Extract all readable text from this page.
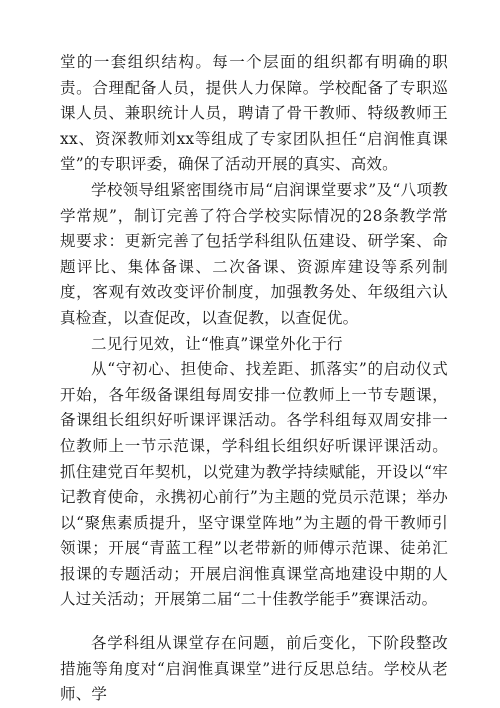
堂的一套组织结构。每一个层面的组织都有明确的职责。合理配备人员，提供人力保障。学校配备了专职巡课人员、兼职统计人员，聘请了骨干教师、特级教师王xx、资深教师刘xx等组成了专家团队担任“启润惟真课堂”的专职评委，确保了活动开展的真实、高效。

学校领导组紧密围绕市局“启润课堂要求”及“八项教学常规”，制订完善了符合学校实际情况的28条教学常规要求：更新完善了包括学科组队伍建设、研学案、命题评比、集体备课、二次备课、资源库建设等系列制度，客观有效改变评价制度，加强教务处、年级组六认真检查，以查促改，以查促教，以查促优。

二见行见效，让“惟真”课堂外化于行

从“守初心、担使命、找差距、抓落实”的启动仪式开始，各年级备课组每周安排一位教师上一节专题课，备课组长组织好听课评课活动。各学科组每双周安排一位教师上一节示范课，学科组长组织好听课评课活动。抓住建党百年契机，以党建为教学持续赋能，开设以“牢记教育使命，永携初心前行”为主题的党员示范课；举办以“聚焦素质提升，坚守课堂阵地”为主题的骨干教师引领课；开展“青蓝工程”以老带新的师傅示范课、徒弟汇报课的专题活动；开展启润惟真课堂高地建设中期的人人过关活动；开展第二届“二十佳教学能手”赛课活动。

各学科组从课堂存在问题，前后变化，下阶段整改措施等角度对“启润惟真课堂”进行反思总结。学校从老师、学
